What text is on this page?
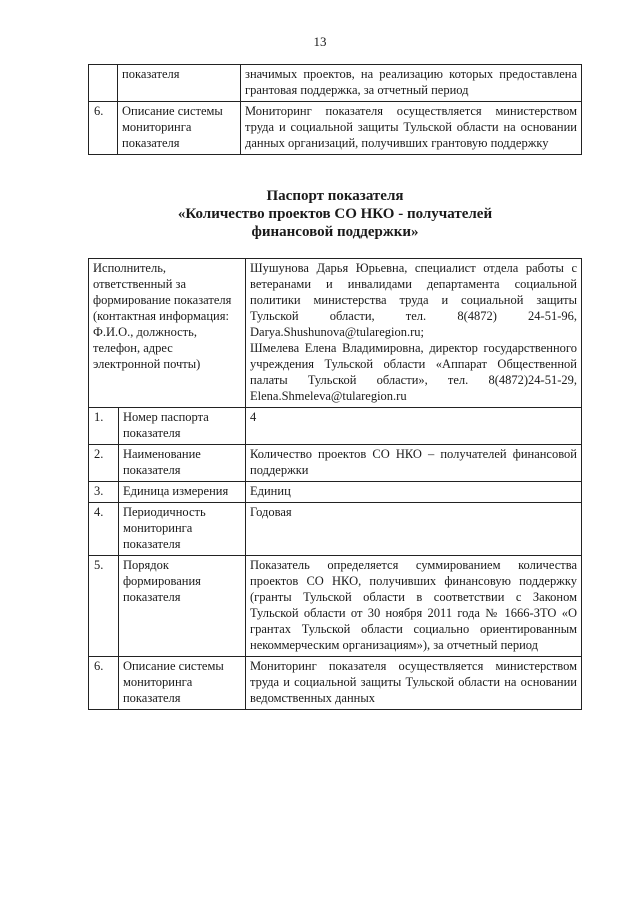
13
	показателя	значимых проектов, на реализацию которых предоставлена грантовая поддержка, за отчетный период
6.	Описание системы мониторинга показателя	Мониторинг показателя осуществляется министерством труда и социальной защиты Тульской области на основании данных организаций, получивших грантовую поддержку
Паспорт показателя
«Количество проектов СО НКО - получателей
финансовой поддержки»
Исполнитель, ответственный за формирование показателя (контактная информация: Ф.И.О., должность, телефон, адрес электронной почты)		Шушунова Дарья Юрьевна, специалист отдела работы с ветеранами и инвалидами департамента социальной политики министерства труда и социальной защиты Тульской области, тел. 8(4872) 24-51-96, Darya.Shushunova@tularegion.ru;
Шмелева Елена Владимировна, директор государственного учреждения Тульской области «Аппарат Общественной палаты Тульской области», тел. 8(4872)24-51-29, Elena.Shmeleva@tularegion.ru

1.	Номер паспорта показателя	4
2.	Наименование показателя	Количество проектов СО НКО – получателей финансовой поддержки
3.	Единица измерения	Единиц
4.	Периодичность мониторинга показателя	Годовая
5.	Порядок формирования показателя	Показатель определяется суммированием количества проектов СО НКО, получивших финансовую поддержку (гранты Тульской области в соответствии с Законом Тульской области от 30 ноября 2011 года № 1666-ЗТО «О грантах Тульской области социально ориентированным некоммерческим организациям»), за отчетный период
6.	Описание системы мониторинга показателя	Мониторинг показателя осуществляется министерством труда и социальной защиты Тульской области на основании ведомственных данных
